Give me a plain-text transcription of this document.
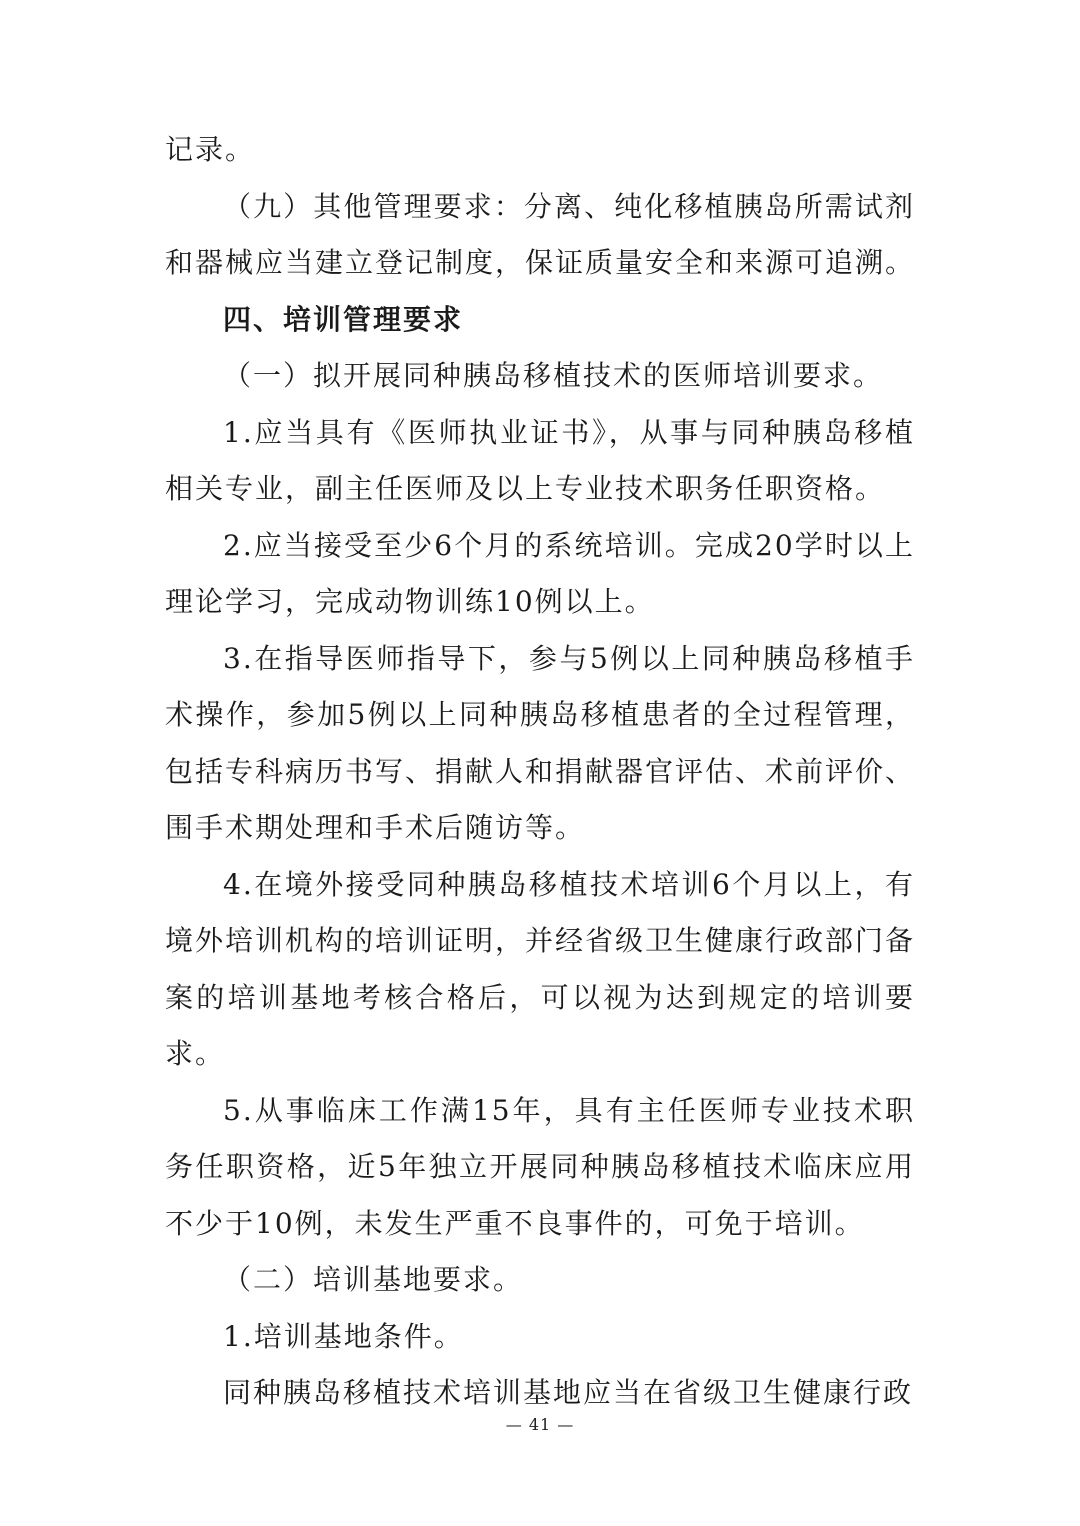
记录。

（九）其他管理要求：分离、纯化移植胰岛所需试剂和器械应当建立登记制度，保证质量安全和来源可追溯。

四、培训管理要求

（一）拟开展同种胰岛移植技术的医师培训要求。

1.应当具有《医师执业证书》，从事与同种胰岛移植相关专业，副主任医师及以上专业技术职务任职资格。

2.应当接受至少6个月的系统培训。完成20学时以上理论学习，完成动物训练10例以上。

3.在指导医师指导下，参与5例以上同种胰岛移植手术操作，参加5例以上同种胰岛移植患者的全过程管理，包括专科病历书写、捐献人和捐献器官评估、术前评价、围手术期处理和手术后随访等。

4.在境外接受同种胰岛移植技术培训6个月以上，有境外培训机构的培训证明，并经省级卫生健康行政部门备案的培训基地考核合格后，可以视为达到规定的培训要求。

5.从事临床工作满15年，具有主任医师专业技术职务任职资格，近5年独立开展同种胰岛移植技术临床应用不少于10例，未发生严重不良事件的，可免于培训。

（二）培训基地要求。

1.培训基地条件。

同种胰岛移植技术培训基地应当在省级卫生健康行政

— 41 —
